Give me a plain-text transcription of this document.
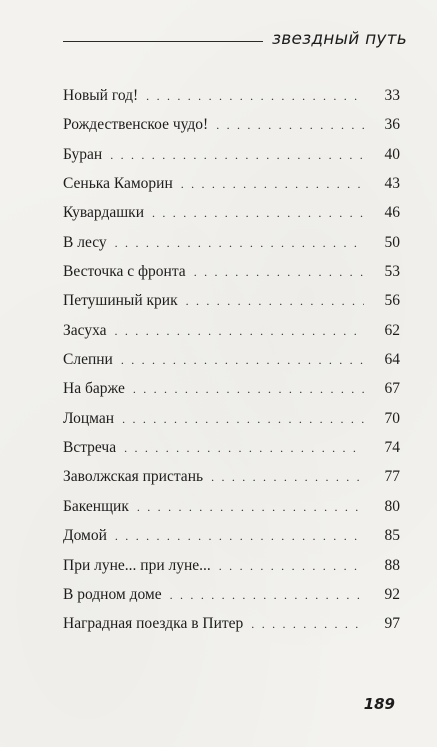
звездный путь
Новый год! . . .	33
Рождественское чудо! . . .	36
Буран . . .	40
Сенька Каморин . . .	43
Кувардашки . . .	46
В лесу . . .	50
Весточка с фронта . . .	53
Петушиный крик . . .	56
Засуха . . .	62
Слепни . . .	64
На барже . . .	67
Лоцман . . .	70
Встреча . . .	74
Заволжская пристань . . .	77
Бакенщик . . .	80
Домой . . .	85
При луне... при луне... . . .	88
В родном доме . . .	92
Наградная поездка в Питер . . .	97
189
